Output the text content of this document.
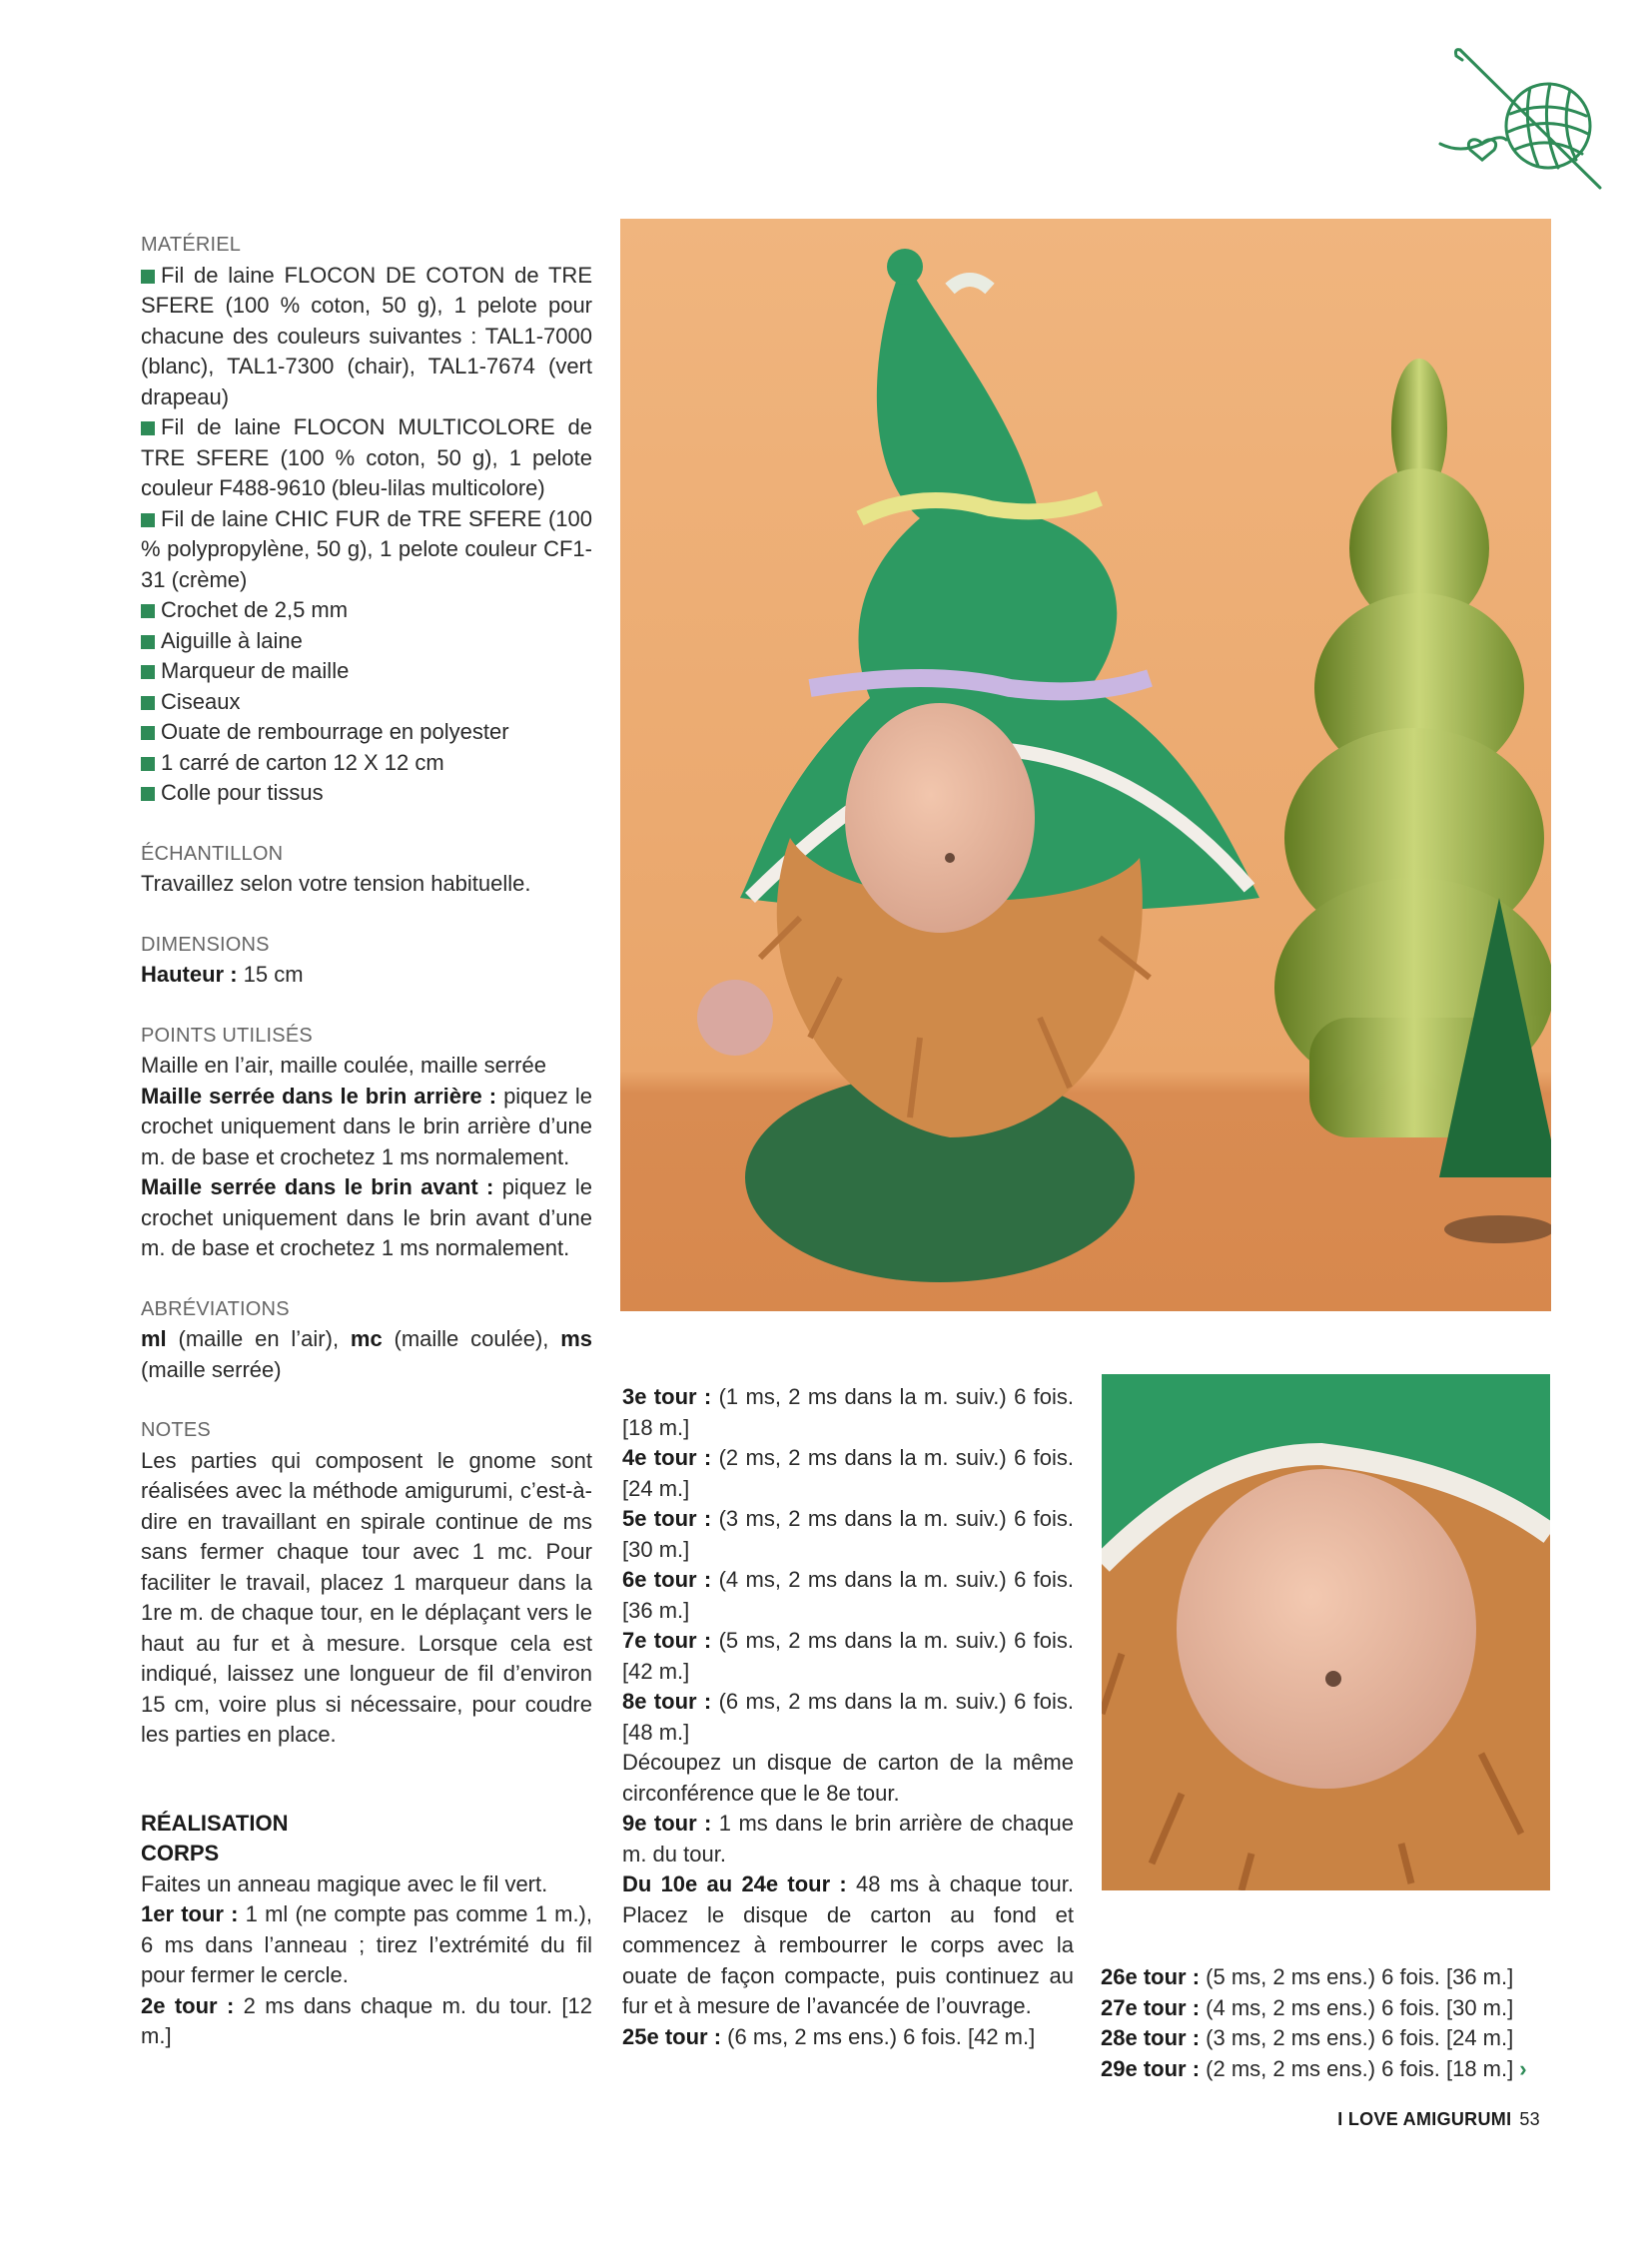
MATÉRIEL
Fil de laine FLOCON DE COTON de TRE SFERE (100 % coton, 50 g), 1 pelote pour chacune des couleurs suivantes : TAL1-7000 (blanc), TAL1-7300 (chair), TAL1-7674 (vert drapeau)
Fil de laine FLOCON MULTICOLORE de TRE SFERE (100 % coton, 50 g), 1 pelote couleur F488-9610 (bleu-lilas multicolore)
Fil de laine CHIC FUR de TRE SFERE (100 % polypropylène, 50 g), 1 pelote couleur CF1-31 (crème)
Crochet de 2,5 mm
Aiguille à laine
Marqueur de maille
Ciseaux
Ouate de rembourrage en polyester
1 carré de carton 12 X 12 cm
Colle pour tissus
ÉCHANTILLON
Travaillez selon votre tension habituelle.
DIMENSIONS
Hauteur : 15 cm
POINTS UTILISÉS
Maille en l’air, maille coulée, maille serrée
Maille serrée dans le brin arrière : piquez le crochet uniquement dans le brin arrière d’une m. de base et crochetez 1 ms normalement.
Maille serrée dans le brin avant : piquez le crochet uniquement dans le brin avant d’une m. de base et crochetez 1 ms normalement.
ABRÉVIATIONS
ml (maille en l’air), mc (maille coulée), ms (maille serrée)
NOTES
Les parties qui composent le gnome sont réalisées avec la méthode amigurumi, c’est-à-dire en travaillant en spirale continue de ms sans fermer chaque tour avec 1 mc. Pour faciliter le travail, placez 1 marqueur dans la 1re m. de chaque tour, en le déplaçant vers le haut au fur et à mesure. Lorsque cela est indiqué, laissez une longueur de fil d’environ 15 cm, voire plus si nécessaire, pour coudre les parties en place.
RÉALISATION
CORPS
Faites un anneau magique avec le fil vert.
1er tour : 1 ml (ne compte pas comme 1 m.), 6 ms dans l’anneau ; tirez l’extrémité du fil pour fermer le cercle.
2e tour : 2 ms dans chaque m. du tour. [12 m.]
3e tour : (1 ms, 2 ms dans la m. suiv.) 6 fois. [18 m.]
4e tour : (2 ms, 2 ms dans la m. suiv.) 6 fois. [24 m.]
5e tour : (3 ms, 2 ms dans la m. suiv.) 6 fois. [30 m.]
6e tour : (4 ms, 2 ms dans la m. suiv.) 6 fois. [36 m.]
7e tour : (5 ms, 2 ms dans la m. suiv.) 6 fois. [42 m.]
8e tour : (6 ms, 2 ms dans la m. suiv.) 6 fois. [48 m.]
Découpez un disque de carton de la même circonférence que le 8e tour.
9e tour : 1 ms dans le brin arrière de chaque m. du tour.
Du 10e au 24e tour : 48 ms à chaque tour. Placez le disque de carton au fond et commencez à rembourrer le corps avec la ouate de façon compacte, puis continuez au fur et à mesure de l’avancée de l’ouvrage.
25e tour : (6 ms, 2 ms ens.) 6 fois. [42 m.]
26e tour : (5 ms, 2 ms ens.) 6 fois. [36 m.]
27e tour : (4 ms, 2 ms ens.) 6 fois. [30 m.]
28e tour : (3 ms, 2 ms ens.) 6 fois. [24 m.]
29e tour : (2 ms, 2 ms ens.) 6 fois. [18 m.] ›
I LOVE AMIGURUMI 53
